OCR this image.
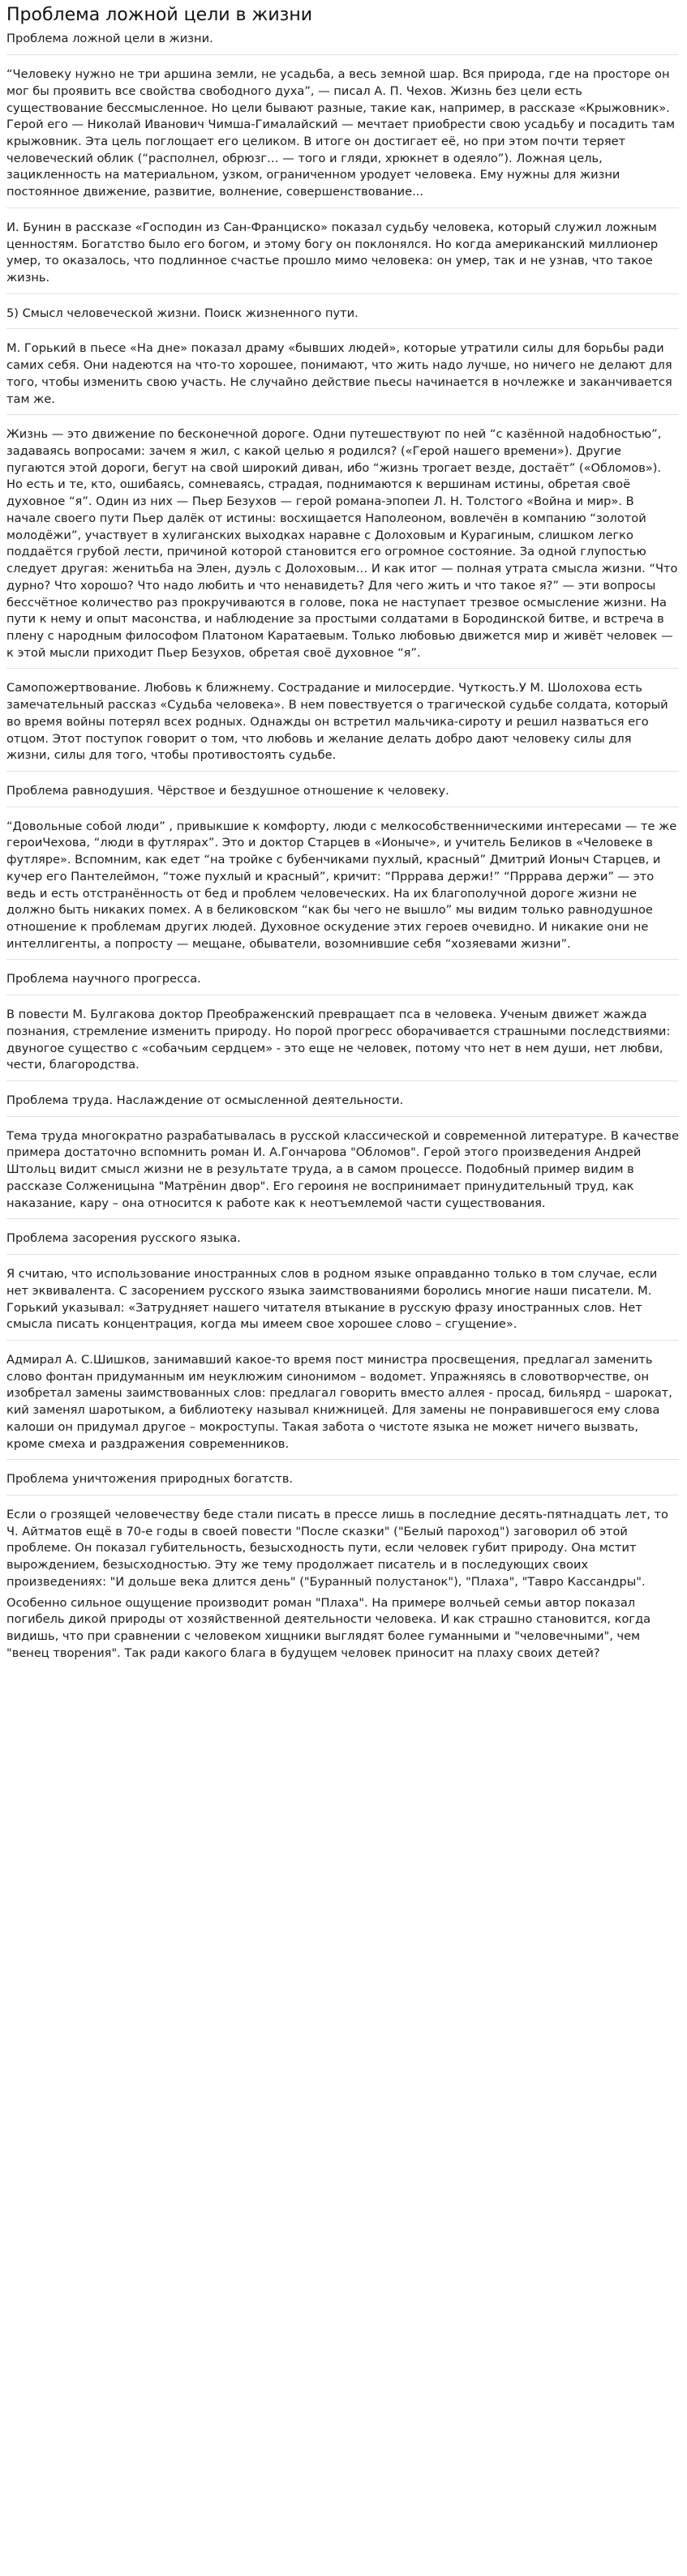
Проблема ложной цели в жизни
Проблема ложной цели в жизни.
“Человеку нужно не три аршина земли, не усадьба, а весь земной шар. Вся природа, где на просторе он мог бы проявить все свойства свободного духа”, — писал А. П. Чехов. Жизнь без цели есть существование бессмысленное. Но цели бывают разные, такие как, например, в рассказе «Крыжовник». Герой его — Николай Иванович Чимша-Гималайский — мечтает приобрести свою усадьбу и посадить там крыжовник. Эта цель поглощает его целиком. В итоге он достигает её, но при этом почти теряет человеческий облик (“располнел, обрюзг… — того и гляди, хрюкнет в одеяло”). Ложная цель, зацикленность на материальном, узком, ограниченном уродует человека. Ему нужны для жизни постоянное движение, развитие, волнение, совершенствование...
И. Бунин в рассказе «Господин из Сан-Франциско» показал судьбу человека, который служил ложным ценностям. Богатство было его богом, и этому богу он поклонялся. Но когда американский миллионер умер, то оказалось, что подлинное счастье прошло мимо человека: он умер, так и не узнав, что такое жизнь.
5) Смысл человеческой жизни. Поиск жизненного пути.
М. Горький в пьесе «На дне» показал драму «бывших людей», которые утратили силы для борьбы ради самих себя. Они надеются на что-то хорошее, понимают, что жить надо лучше, но ничего не делают для того, чтобы изменить свою участь. Не случайно действие пьесы начинается в ночлежке и заканчивается там же.
Жизнь — это движение по бесконечной дороге. Одни путешествуют по ней “с казённой надобностью”, задаваясь вопросами: зачем я жил, с какой целью я родился? («Герой нашего времени»). Другие пугаются этой дороги, бегут на свой широкий диван, ибо “жизнь трогает везде, достаёт” («Обломов»). Но есть и те, кто, ошибаясь, сомневаясь, страдая, поднимаются к вершинам истины, обретая своё духовное “я”. Один из них — Пьер Безухов — герой романа-эпопеи Л. Н. Толстого «Война и мир». В начале своего пути Пьер далёк от истины: восхищается Наполеоном, вовлечён в компанию “золотой молодёжи”, участвует в хулиганских выходках наравне с Долоховым и Курагиным, слишком легко поддаётся грубой лести, причиной которой становится его огромное состояние. За одной глупостью следует другая: женитьба на Элен, дуэль с Долоховым… И как итог — полная утрата смысла жизни. “Что дурно? Что хорошо? Что надо любить и что ненавидеть? Для чего жить и что такое я?” — эти вопросы бессчётное количество раз прокручиваются в голове, пока не наступает трезвое осмысление жизни. На пути к нему и опыт масонства, и наблюдение за простыми солдатами в Бородинской битве, и встреча в плену с народным философом Платоном Каратаевым. Только любовью движется мир и живёт человек — к этой мысли приходит Пьер Безухов, обретая своё духовное “я”.
Самопожертвование. Любовь к ближнему. Сострадание и милосердие. Чуткость.У М. Шолохова есть замечательный рассказ «Судьба человека». В нем повествуется о трагической судьбе солдата, который во время войны потерял всех родных. Однажды он встретил мальчика-сироту и решил назваться его отцом. Этот поступок говорит о том, что любовь и желание делать добро дают человеку силы для жизни, силы для того, чтобы противостоять судьбе.
Проблема равнодушия. Чёрствое и бездушное отношение к человеку.
“Довольные собой люди” , привыкшие к комфорту, люди с мелкособственническими интересами — те же героиЧехова, “люди в футлярах”. Это и доктор Старцев в «Ионыче», и учитель Беликов в «Человеке в футляре». Вспомним, как едет “на тройке с бубенчиками пухлый, красный” Дмитрий Ионыч Старцев, и кучер его Пантелеймон, “тоже пухлый и красный”, кричит: “Прррава держи!” “Прррава держи” — это ведь и есть отстранённость от бед и проблем человеческих. На их благополучной дороге жизни не должно быть никаких помех. А в беликовском “как бы чего не вышло” мы видим только равнодушное отношение к проблемам других людей. Духовное оскудение этих героев очевидно. И никакие они не интеллигенты, а попросту — мещане, обыватели, возомнившие себя “хозяевами жизни”.
Проблема научного прогресса.
В повести М. Булгакова доктор Преображенский превращает пса в человека. Ученым движет жажда познания, стремление изменить природу. Но порой прогресс оборачивается страшными последствиями: двуногое существо с «собачьим сердцем» - это еще не человек, потому что нет в нем души, нет любви, чести, благородства.
Проблема труда. Наслаждение от осмысленной деятельности.
Тема труда многократно разрабатывалась в русской классической и современной литературе. В качестве примера достаточно вспомнить роман И. А.Гончарова "Обломов". Герой этого произведения Андрей Штольц видит смысл жизни не в результате труда, а в самом процессе. Подобный пример видим в рассказе Солженицына "Матрёнин двор". Его героиня не воспринимает принудительный труд, как наказание, кару – она относится к работе как к неотъемлемой части существования.
Проблема засорения русского языка.
Я считаю, что использование иностранных слов в родном языке оправданно только в том случае, если нет эквивалента. С засорением русского языка заимствованиями боролись многие наши писатели. М. Горький указывал: «Затрудняет нашего читателя втыкание в русскую фразу иностранных слов. Нет смысла писать концентрация, когда мы имеем свое хорошее слово – сгущение».
Адмирал А. С.Шишков, занимавший какое-то время пост министра просвещения, предлагал заменить слово фонтан придуманным им неуклюжим синонимом – водомет. Упражняясь в словотворчестве, он изобретал замены заимствованных слов: предлагал говорить вместо аллея - просад, бильярд – шарокат, кий заменял шаротыком, а библиотеку называл книжницей. Для замены не понравившегося ему слова калоши он придумал другое – мокроступы. Такая забота о чистоте языка не может ничего вызвать, кроме смеха и раздражения современников.
Проблема уничтожения природных богатств.
Если о грозящей человечеству беде стали писать в прессе лишь в последние десять-пятнадцать лет, то Ч. Айтматов ещё в 70-е годы в своей повести "После сказки" ("Белый пароход") заговорил об этой проблеме. Он показал губительность, безысходность пути, если человек губит природу. Она мстит вырождением, безысходностью. Эту же тему продолжает писатель и в последующих своих произведениях: "И дольше века длится день" ("Буранный полустанок"), "Плаха", "Тавро Кассандры".
Особенно сильное ощущение производит роман "Плаха". На примере волчьей семьи автор показал погибель дикой природы от хозяйственной деятельности человека. И как страшно становится, когда видишь, что при сравнении с человеком хищники выглядят более гуманными и "человечными", чем "венец творения". Так ради какого блага в будущем человек приносит на плаху своих детей?
